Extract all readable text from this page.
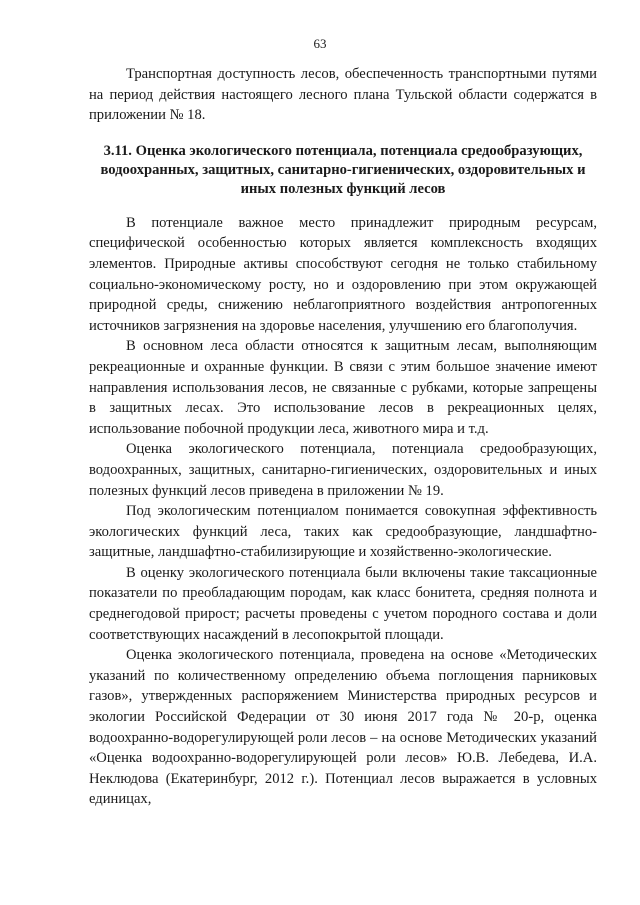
63

Транспортная доступность лесов, обеспеченность транспортными путями на период действия настоящего лесного плана Тульской области содержатся в приложении № 18.

3.11. Оценка экологического потенциала, потенциала средообразующих, водоохранных, защитных, санитарно-гигиенических, оздоровительных и иных полезных функций лесов

В потенциале важное место принадлежит природным ресурсам, специфической особенностью которых является комплексность входящих элементов. Природные активы способствуют сегодня не только стабильному социально-экономическому росту, но и оздоровлению при этом окружающей природной среды, снижению неблагоприятного воздействия антропогенных источников загрязнения на здоровье населения, улучшению его благополучия.

В основном леса области относятся к защитным лесам, выполняющим рекреационные и охранные функции. В связи с этим большое значение имеют направления использования лесов, не связанные с рубками, которые запрещены в защитных лесах. Это использование лесов в рекреационных целях, использование побочной продукции леса, животного мира и т.д.

Оценка экологического потенциала, потенциала средообразующих, водоохранных, защитных, санитарно-гигиенических, оздоровительных и иных полезных функций лесов приведена в приложении № 19.

Под экологическим потенциалом понимается совокупная эффективность экологических функций леса, таких как средообразующие, ландшафтно-защитные, ландшафтно-стабилизирующие и хозяйственно-экологические.

В оценку экологического потенциала были включены такие таксационные показатели по преобладающим породам, как класс бонитета, средняя полнота и среднегодовой прирост; расчеты проведены с учетом породного состава и доли соответствующих насаждений в лесопокрытой площади.

Оценка экологического потенциала, проведена на основе «Методических указаний по количественному определению объема поглощения парниковых газов», утвержденных распоряжением Министерства природных ресурсов и экологии Российской Федерации от 30 июня 2017 года № 20-р, оценка водоохранно-водорегулирующей роли лесов – на основе Методических указаний «Оценка водоохранно-водорегулирующей роли лесов» Ю.В. Лебедева, И.А. Неклюдова (Екатеринбург, 2012 г.). Потенциал лесов выражается в условных единицах,
